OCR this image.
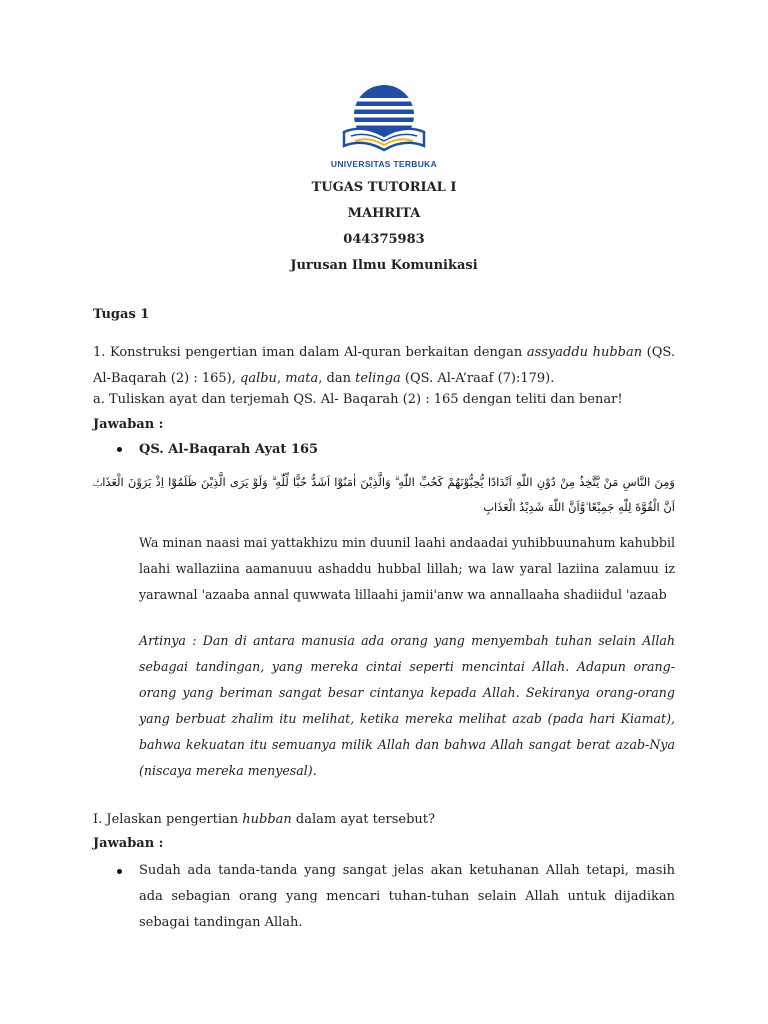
UNIVERSITAS TERBUKA
TUGAS TUTORIAL I
MAHRITA
044375983
Jurusan Ilmu Komunikasi
Tugas 1
1. Konstruksi pengertian iman dalam Al-quran berkaitan dengan assyaddu hubban (QS. Al-Baqarah (2) : 165), qalbu, mata, dan telinga (QS. Al-A’raaf (7):179).
a. Tuliskan ayat dan terjemah QS. Al- Baqarah (2) : 165 dengan teliti dan benar!
Jawaban :
QS. Al-Baqarah Ayat 165
وَمِنَ النَّاسِ مَنْ يَّتَّخِذُ مِنْ دُوْنِ اللّٰهِ اَنْدَادًا يُّحِبُّوْنَهُمْ كَحُبِّ اللّٰهِ ۗ وَالَّذِيْنَ اٰمَنُوْٓا اَشَدُّ حُبًّا لِّلّٰهِ ۗ وَلَوْ يَرَى الَّذِيْنَ ظَلَمُوْٓا اِذْ يَرَوْنَ الْعَذَابَۙ اَنَّ الْقُوَّةَ لِلّٰهِ جَمِيْعًا ۙوَّاَنَّ اللّٰهَ شَدِيْدُ الْعَذَابِ
Wa minan naasi mai yattakhizu min duunil laahi andaadai yuhibbuunahum kahubbil laahi wallaziina aamanuuu ashaddu hubbal lillah; wa law yaral laziina zalamuu iz yarawnal 'azaaba annal quwwata lillaahi jamii'anw wa annallaaha shadiidul 'azaab
Artinya : Dan di antara manusia ada orang yang menyembah tuhan selain Allah sebagai tandingan, yang mereka cintai seperti mencintai Allah. Adapun orang-orang yang beriman sangat besar cintanya kepada Allah. Sekiranya orang-orang yang berbuat zhalim itu melihat, ketika mereka melihat azab (pada hari Kiamat), bahwa kekuatan itu semuanya milik Allah dan bahwa Allah sangat berat azab-Nya (niscaya mereka menyesal).
I. Jelaskan pengertian hubban dalam ayat tersebut?
Jawaban :
Sudah ada tanda-tanda yang sangat jelas akan ketuhanan Allah tetapi, masih ada sebagian orang yang mencari tuhan-tuhan selain Allah untuk dijadikan sebagai tandingan Allah.
